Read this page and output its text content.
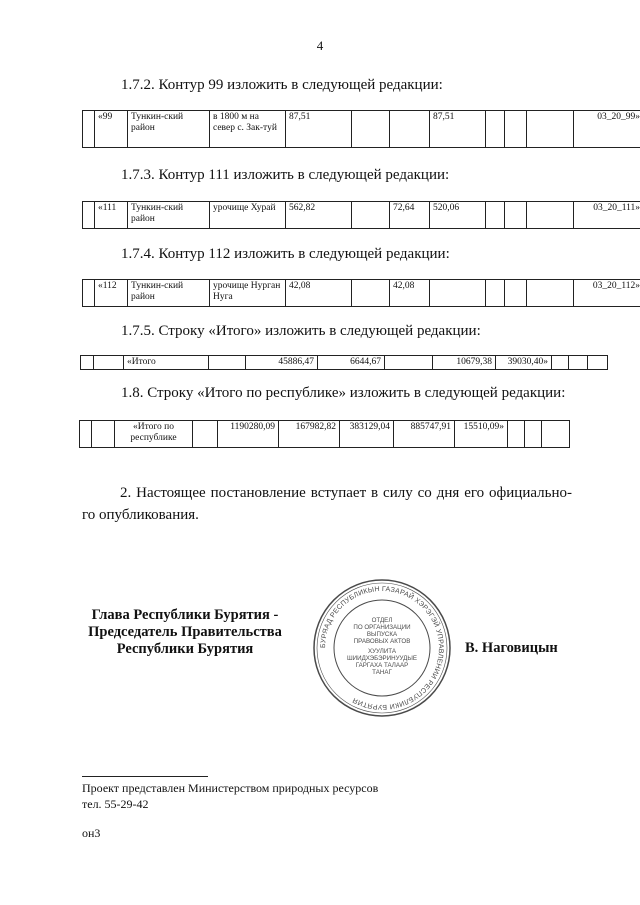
4
1.7.2. Контур 99 изложить в следующей редакции:
	«99	Тункин-ский район	в 1800 м на север с. Зак-туй	87,51			87,51				03_20_99»
1.7.3. Контур 111 изложить в следующей редакции:
	«111	Тункин-ский район	урочище Хурай	562,82		72,64	520,06				03_20_111»
1.7.4. Контур 112 изложить в следующей редакции:
	«112	Тункин-ский район	урочище Нурган Нуга	42,08		42,08					03_20_112»
1.7.5. Строку «Итого» изложить в следующей редакции:
		«Итого		45886,47	6644,67		10679,38	39030,40»			
1.8. Строку «Итого по республике» изложить в следующей редакции:
		«Итого по республике		1190280,09	167982,82	383129,04	885747,91	15510,09»			
2. Настоящее постановление вступает в силу со дня его официально-го опубликования.
Глава Республики Бурятия -
Председатель Правительства
Республики Бурятия	БУРЯАД РЕСПУБЛИКЫН ГАЗАРАЙ ХЭРЭГЭЙ УПРАВЛЕНИИ РЕСПУБЛИКИ БУРЯТИЯ
ОТДЕЛ
ПО ОРГАНИЗАЦИИ
ВЫПУСКА
ПРАВОВЫХ АКТОВ
ХУУЛИТА
ШИИДХЭБЭРИНУУДЫЕ
ГАРГАХА ТАЛААР
ТАНАГ
В. Наговицын
Проект представлен Министерством природных ресурсов
тел. 55-29-42
он3
